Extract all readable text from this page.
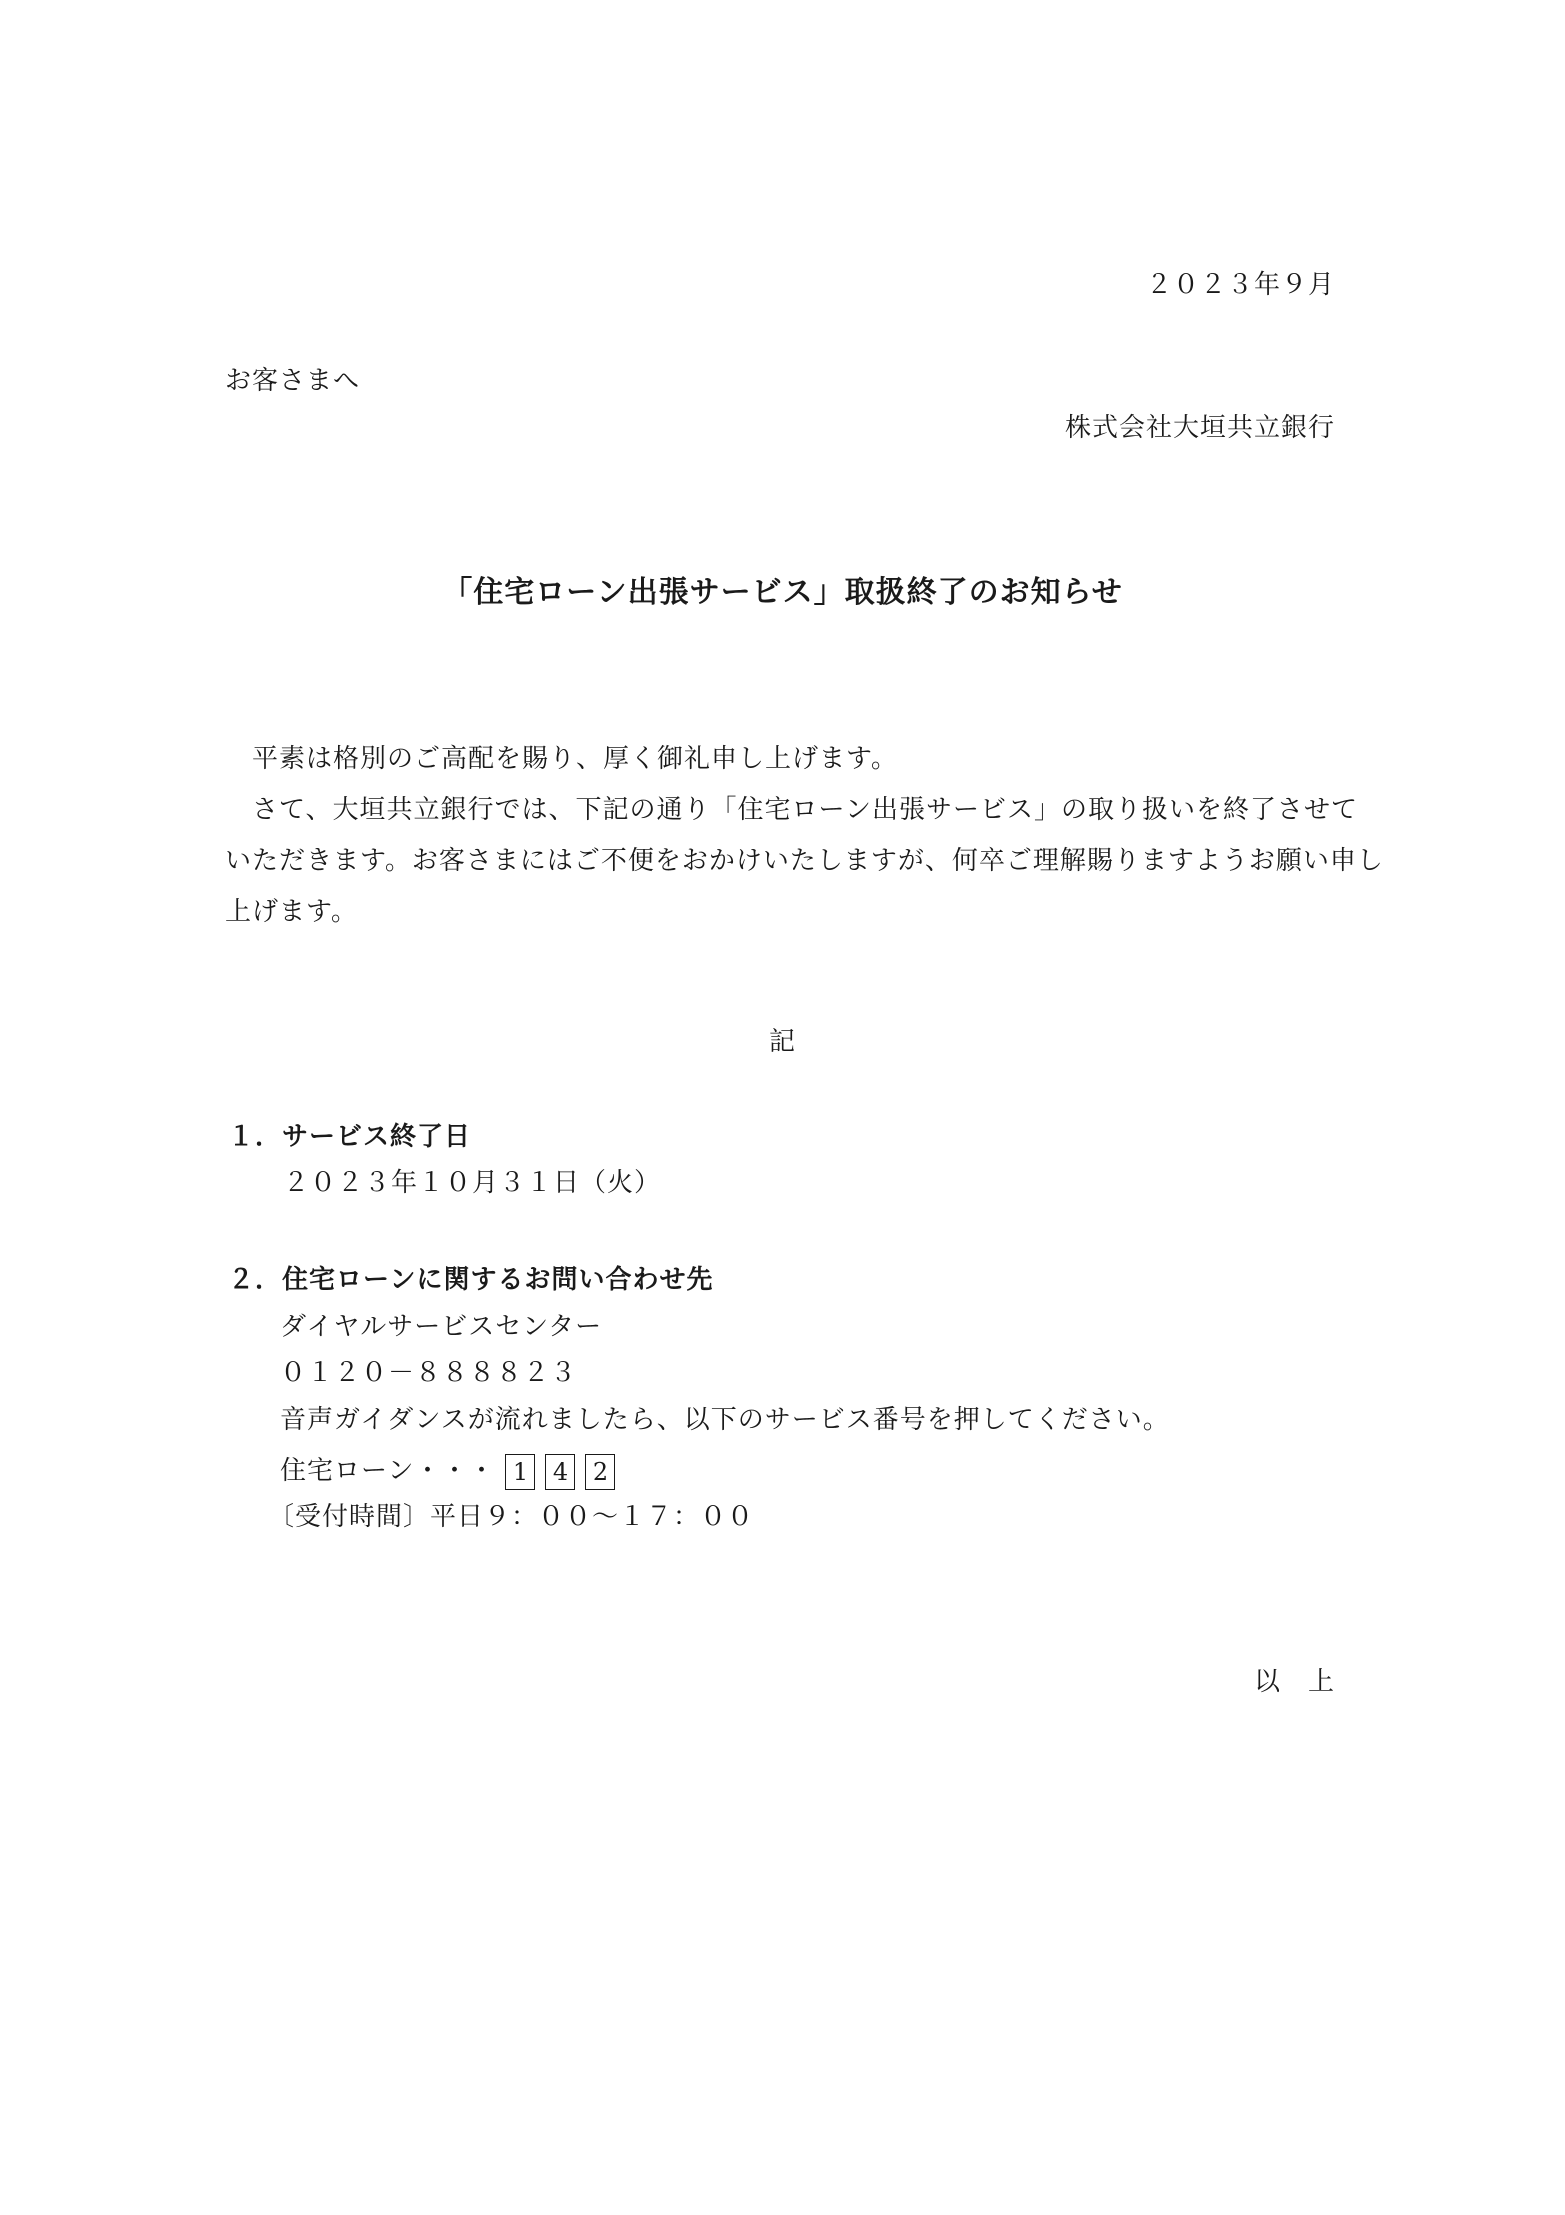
２０２３年９月
お客さまへ
株式会社大垣共立銀行
「住宅ローン出張サービス」取扱終了のお知らせ
平素は格別のご高配を賜り、厚く御礼申し上げます。
さて、大垣共立銀行では、下記の通り「住宅ローン出張サービス」の取り扱いを終了させて
いただきます。お客さまにはご不便をおかけいたしますが、何卒ご理解賜りますようお願い申し
上げます。
記
１．サービス終了日
２０２３年１０月３１日（火）
２．住宅ローンに関するお問い合わせ先
ダイヤルサービスセンター
０１２０－８８８８２３
音声ガイダンスが流れましたら、以下のサービス番号を押してください。
住宅ローン・・・ 1 4 2
〔受付時間〕平日９：００～１７：００
以　上
